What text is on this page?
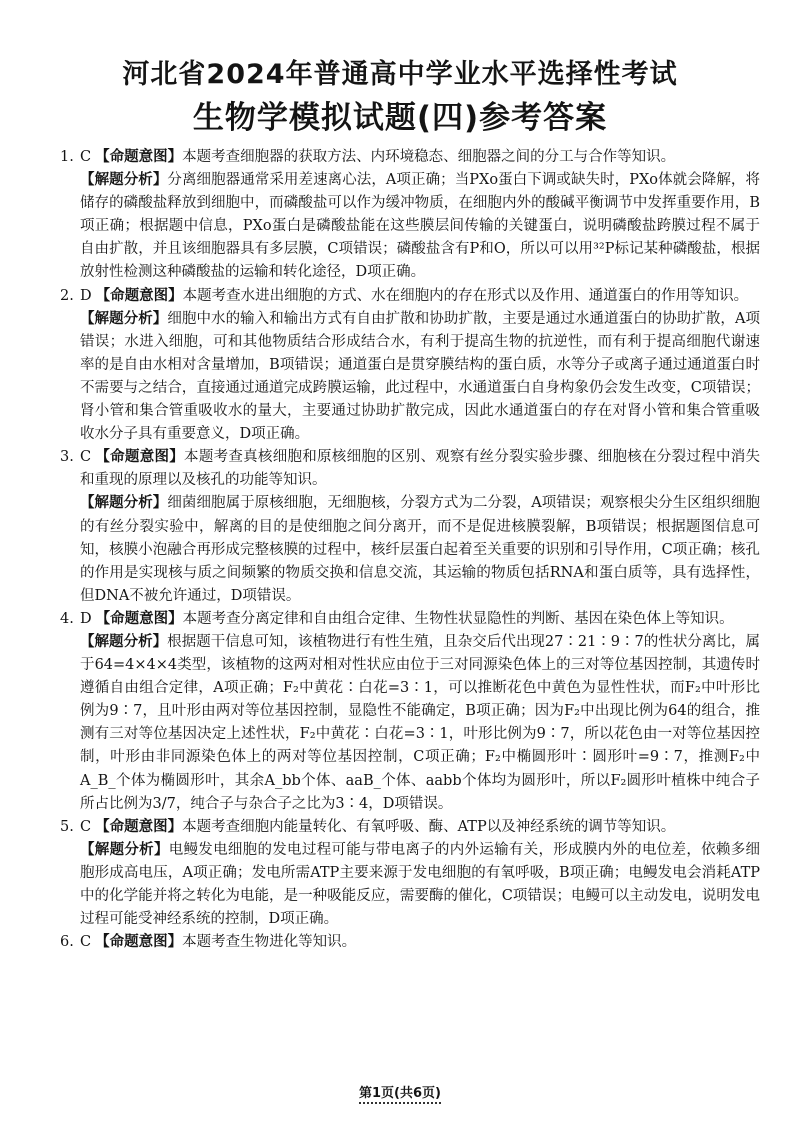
河北省2024年普通高中学业水平选择性考试
生物学模拟试题(四)参考答案
1. C 【命题意图】本题考查细胞器的获取方法、内环境稳态、细胞器之间的分工与合作等知识。
【解题分析】分离细胞器通常采用差速离心法，A项正确；当PXo蛋白下调或缺失时，PXo体就会降解，将储存的磷酸盐释放到细胞中，而磷酸盐可以作为缓冲物质，在细胞内外的酸碱平衡调节中发挥重要作用，B项正确；根据题中信息，PXo蛋白是磷酸盐能在这些膜层间传输的关键蛋白，说明磷酸盐跨膜过程不属于自由扩散，并且该细胞器具有多层膜，C项错误；磷酸盐含有P和O，所以可以用³²P标记某种磷酸盐，根据放射性检测这种磷酸盐的运输和转化途径，D项正确。
2. D 【命题意图】本题考查水进出细胞的方式、水在细胞内的存在形式以及作用、通道蛋白的作用等知识。
【解题分析】细胞中水的输入和输出方式有自由扩散和协助扩散，主要是通过水通道蛋白的协助扩散，A项错误；水进入细胞，可和其他物质结合形成结合水，有利于提高生物的抗逆性，而有利于提高细胞代谢速率的是自由水相对含量增加，B项错误；通道蛋白是贯穿膜结构的蛋白质，水等分子或离子通过通道蛋白时不需要与之结合，直接通过通道完成跨膜运输，此过程中，水通道蛋白自身构象仍会发生改变，C项错误；肾小管和集合管重吸收水的量大，主要通过协助扩散完成，因此水通道蛋白的存在对肾小管和集合管重吸收水分子具有重要意义，D项正确。
3. C 【命题意图】本题考查真核细胞和原核细胞的区别、观察有丝分裂实验步骤、细胞核在分裂过程中消失和重现的原理以及核孔的功能等知识。
【解题分析】细菌细胞属于原核细胞，无细胞核，分裂方式为二分裂，A项错误；观察根尖分生区组织细胞的有丝分裂实验中，解离的目的是使细胞之间分离开，而不是促进核膜裂解，B项错误；根据题图信息可知，核膜小泡融合再形成完整核膜的过程中，核纤层蛋白起着至关重要的识别和引导作用，C项正确；核孔的作用是实现核与质之间频繁的物质交换和信息交流，其运输的物质包括RNA和蛋白质等，具有选择性，但DNA不被允许通过，D项错误。
4. D 【命题意图】本题考查分离定律和自由组合定律、生物性状显隐性的判断、基因在染色体上等知识。
【解题分析】根据题干信息可知，该植物进行有性生殖，且杂交后代出现27∶21∶9∶7的性状分离比，属于64=4×4×4类型，该植物的这两对相对性状应由位于三对同源染色体上的三对等位基因控制，其遗传时遵循自由组合定律，A项正确；F₂中黄花∶白花=3∶1，可以推断花色中黄色为显性性状，而F₂中叶形比例为9∶7，且叶形由两对等位基因控制，显隐性不能确定，B项正确；因为F₂中出现比例为64的组合，推测有三对等位基因决定上述性状，F₂中黄花∶白花=3∶1，叶形比例为9∶7，所以花色由一对等位基因控制，叶形由非同源染色体上的两对等位基因控制，C项正确；F₂中椭圆形叶∶圆形叶=9∶7，推测F₂中A_B_个体为椭圆形叶，其余A_bb个体、aaB_个体、aabb个体均为圆形叶，所以F₂圆形叶植株中纯合子所占比例为3/7，纯合子与杂合子之比为3∶4，D项错误。
5. C 【命题意图】本题考查细胞内能量转化、有氧呼吸、酶、ATP以及神经系统的调节等知识。
【解题分析】电鳗发电细胞的发电过程可能与带电离子的内外运输有关，形成膜内外的电位差，依赖多细胞形成高电压，A项正确；发电所需ATP主要来源于发电细胞的有氧呼吸，B项正确；电鳗发电会消耗ATP中的化学能并将之转化为电能，是一种吸能反应，需要酶的催化，C项错误；电鳗可以主动发电，说明发电过程可能受神经系统的控制，D项正确。
6. C 【命题意图】本题考查生物进化等知识。
第1页(共6页)
